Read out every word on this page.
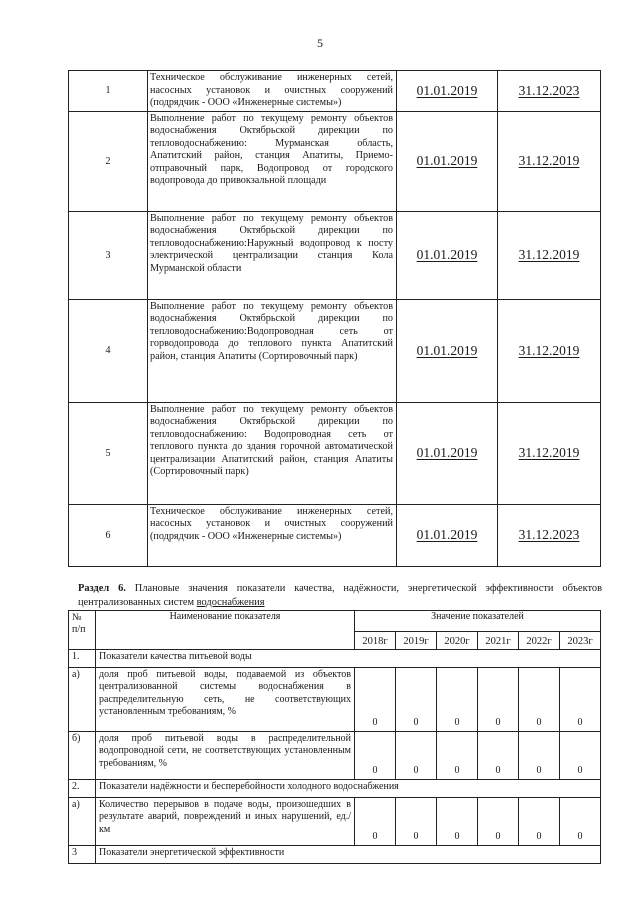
5
1	Техническое обслуживание инженерных сетей, насосных установок и очистных сооружений (подрядчик - ООО «Инженерные системы»)	01.01.2019	31.12.2023
2	Выполнение работ по текущему ремонту объектов водоснабжения Октябрьской дирекции по тепловодоснабжению: Мурманская область, Апатитский район, станция Апатиты, Приемо-отправочный парк, Водопровод от городского водопровода до привокзальной площади	01.01.2019	31.12.2019
3	Выполнение работ по текущему ремонту объектов водоснабжения Октябрьской дирекции по тепловодоснабжению:Наружный водопровод к посту электрической централизации станция Кола Мурманской области	01.01.2019	31.12.2019
4	Выполнение работ по текущему ремонту объектов водоснабжения Октябрьской дирекции по тепловодоснабжению:Водопроводная сеть от горводопровода до теплового пункта Апатитский район, станция Апатиты (Сортировочный парк)	01.01.2019	31.12.2019
5	Выполнение работ по текущему ремонту объектов водоснабжения Октябрьской дирекции по тепловодоснабжению: Водопроводная сеть от теплового пункта до здания горочной автоматической централизации Апатитский район, станция Апатиты (Сортировочный парк)	01.01.2019	31.12.2019
6	Техническое обслуживание инженерных сетей, насосных установок и очистных сооружений (подрядчик - ООО «Инженерные системы»)	01.01.2019	31.12.2023
Раздел 6. Плановые значения показатели качества, надёжности, энергетической эффективности объектов централизованных систем водоснабжения
№ п/п	Наименование показателя	Значение показателей					
		2018г	2019г	2020г	2021г	2022г	2023г
1.	Показатели качества питьевой воды						
а)	доля проб питьевой воды, подаваемой из объектов централизованной системы водоснабжения в распределительную сеть, не соответствующих установленным требованиям, %	0	0	0	0	0	0
б)	доля проб питьевой воды в распределительной водопроводной сети, не соответствующих установленным требованиям, %	0	0	0	0	0	0
2.	Показатели надёжности и бесперебойности холодного водоснабжения						
а)	Количество перерывов в подаче воды, произошедших в результате аварий, повреждений и иных нарушений, ед./км	0	0	0	0	0	0
3	Показатели энергетической эффективности						
